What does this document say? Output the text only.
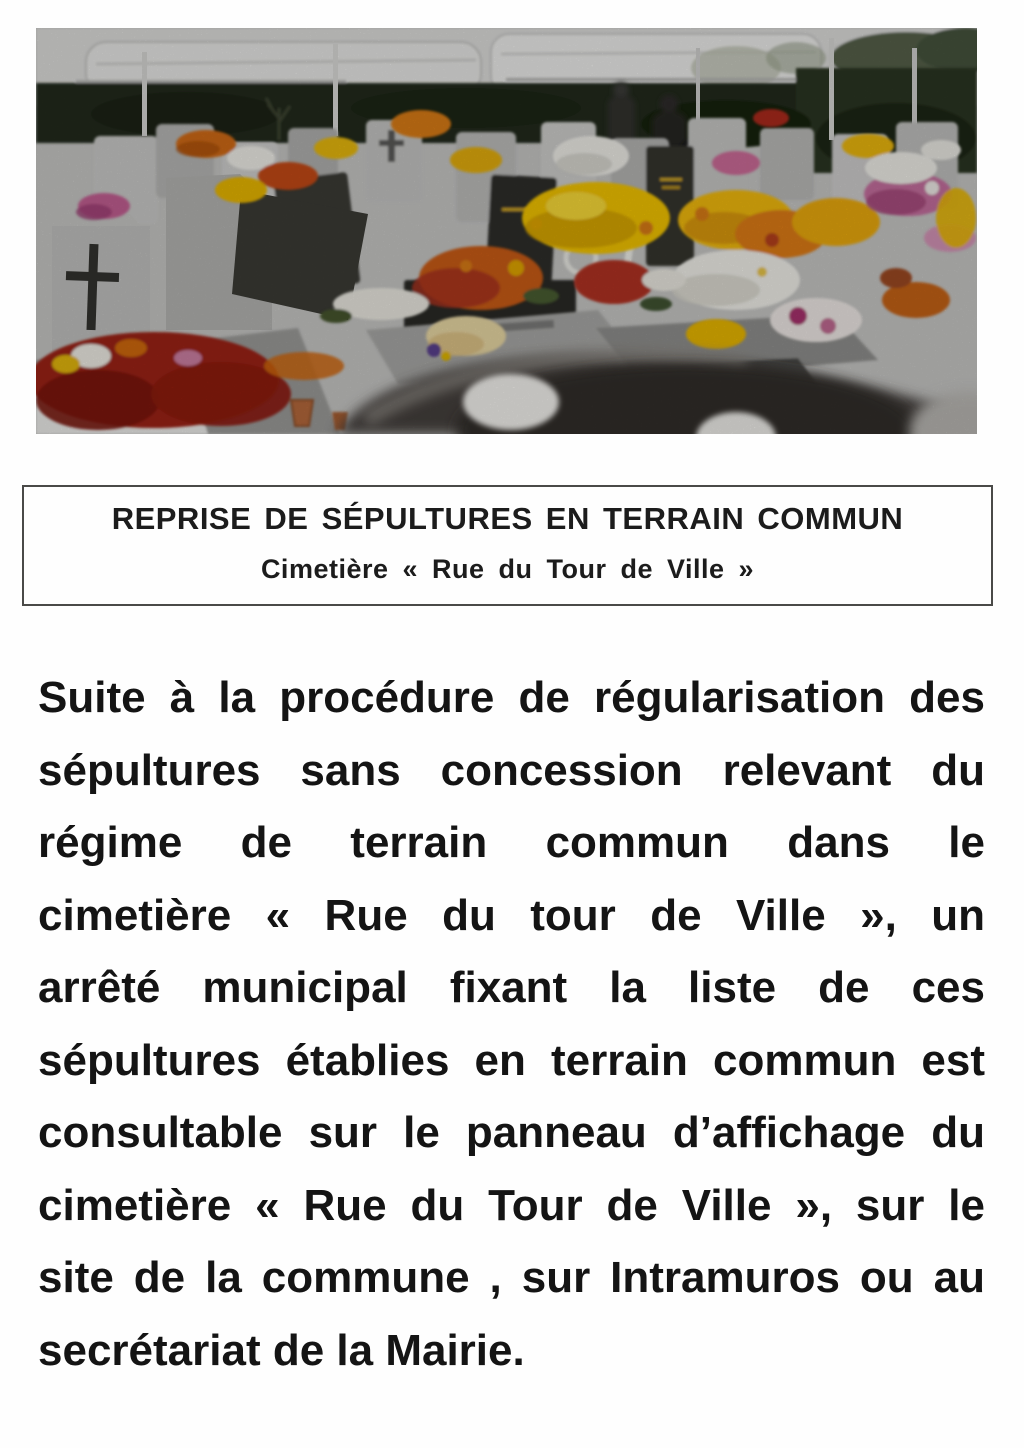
REPRISE DE SÉPULTURES EN TERRAIN COMMUN
Cimetière « Rue du Tour de Ville »

Suite à la procédure de régularisation des

sépultures sans concession relevant du

régime de terrain commun dans le

cimetière « Rue du tour de Ville », un

arrêté municipal fixant la liste de ces

sépultures établies en terrain commun est

consultable sur le panneau d’affichage du

cimetière « Rue du Tour de Ville », sur le

site de la commune , sur Intramuros ou au

secrétariat de la Mairie.
